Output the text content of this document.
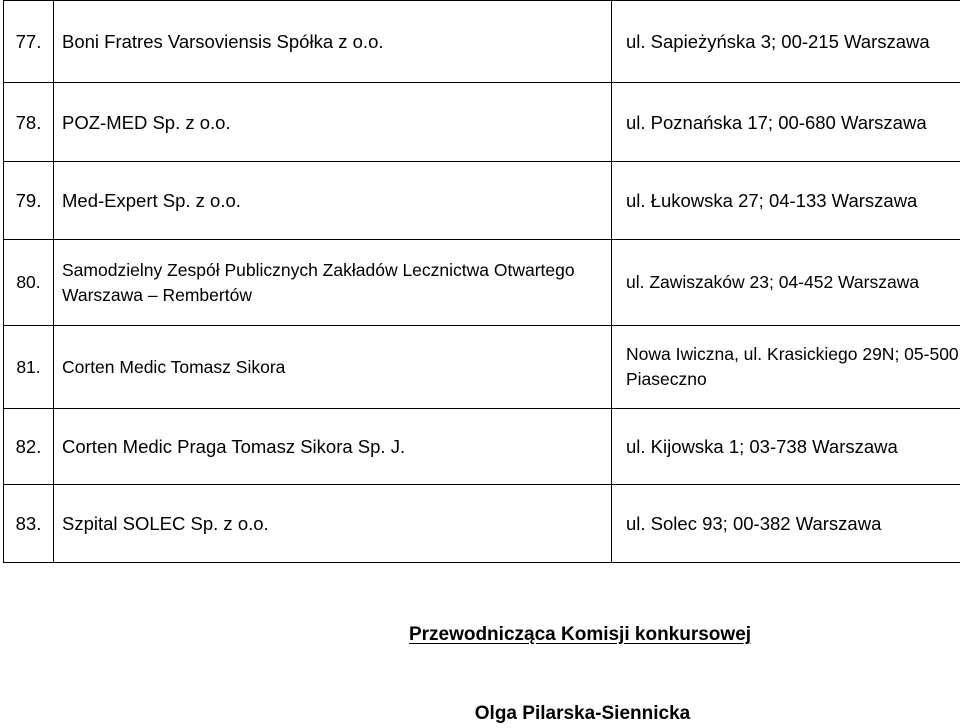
77.	Boni Fratres Varsoviensis Spółka z o.o.	ul. Sapieżyńska 3; 00-215 Warszawa
78.	POZ-MED Sp. z o.o.	ul. Poznańska 17; 00-680 Warszawa
79.	Med-Expert Sp. z o.o.	ul. Łukowska 27; 04-133 Warszawa
80.	Samodzielny Zespół Publicznych Zakładów Lecznictwa Otwartego Warszawa – Rembertów	ul. Zawiszaków 23; 04-452 Warszawa
81.	Corten Medic Tomasz Sikora	Nowa Iwiczna, ul. Krasickiego 29N; 05-500 Piaseczno
82.	Corten Medic Praga Tomasz Sikora Sp. J.	ul. Kijowska 1; 03-738 Warszawa
83.	Szpital SOLEC Sp. z o.o.	ul. Solec 93; 00-382 Warszawa
Przewodnicząca Komisji konkursowej
Olga Pilarska-Siennicka
